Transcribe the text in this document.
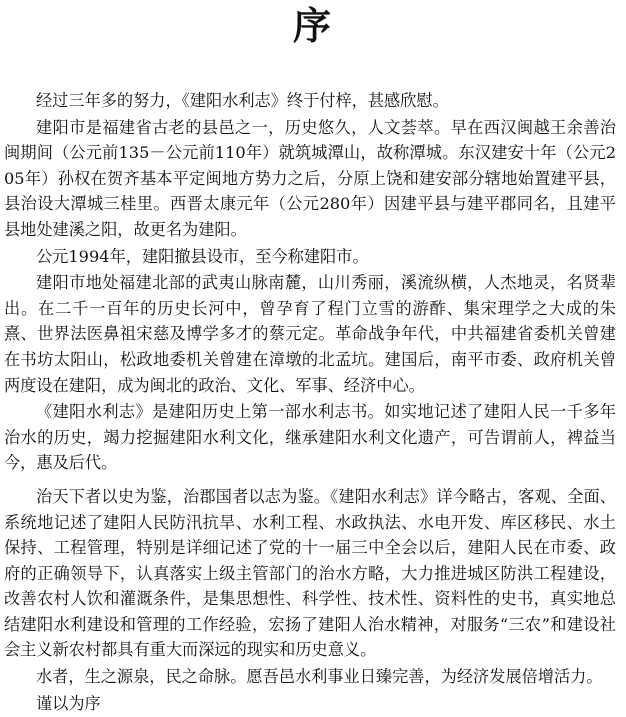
序

经过三年多的努力，《建阳水利志》终于付梓，甚感欣慰。

建阳市是福建省古老的县邑之一，历史悠久，人文荟萃。早在西汉闽越王余善治闽期间（公元前135－公元前110年）就筑城潭山，故称潭城。东汉建安十年（公元205年）孙权在贺齐基本平定闽地方势力之后，分原上饶和建安部分辖地始置建平县，县治设大潭城三桂里。西晋太康元年（公元280年）因建平县与建平郡同名，且建平县地处建溪之阳，故更名为建阳。

公元1994年，建阳撤县设市，至今称建阳市。

建阳市地处福建北部的武夷山脉南麓，山川秀丽，溪流纵横，人杰地灵，名贤辈出。在二千一百年的历史长河中，曾孕育了程门立雪的游酢、集宋理学之大成的朱熹、世界法医鼻祖宋慈及博学多才的蔡元定。革命战争年代，中共福建省委机关曾建在书坊太阳山，松政地委机关曾建在漳墩的北孟坑。建国后，南平市委、政府机关曾两度设在建阳，成为闽北的政治、文化、军事、经济中心。

《建阳水利志》是建阳历史上第一部水利志书。如实地记述了建阳人民一千多年治水的历史，竭力挖掘建阳水利文化，继承建阳水利文化遗产，可告谓前人，裨益当今，惠及后代。

治天下者以史为鉴，治郡国者以志为鉴。《建阳水利志》详今略古，客观、全面、系统地记述了建阳人民防汛抗旱、水利工程、水政执法、水电开发、库区移民、水土保持、工程管理，特别是详细记述了党的十一届三中全会以后，建阳人民在市委、政府的正确领导下，认真落实上级主管部门的治水方略，大力推进城区防洪工程建设，改善农村人饮和灌溉条件，是集思想性、科学性、技术性、资料性的史书，真实地总结建阳水利建设和管理的工作经验，宏扬了建阳人治水精神，对服务“三农”和建设社会主义新农村都具有重大而深远的现实和历史意义。

水者，生之源泉，民之命脉。愿吾邑水利事业日臻完善，为经济发展倍增活力。

谨以为序
